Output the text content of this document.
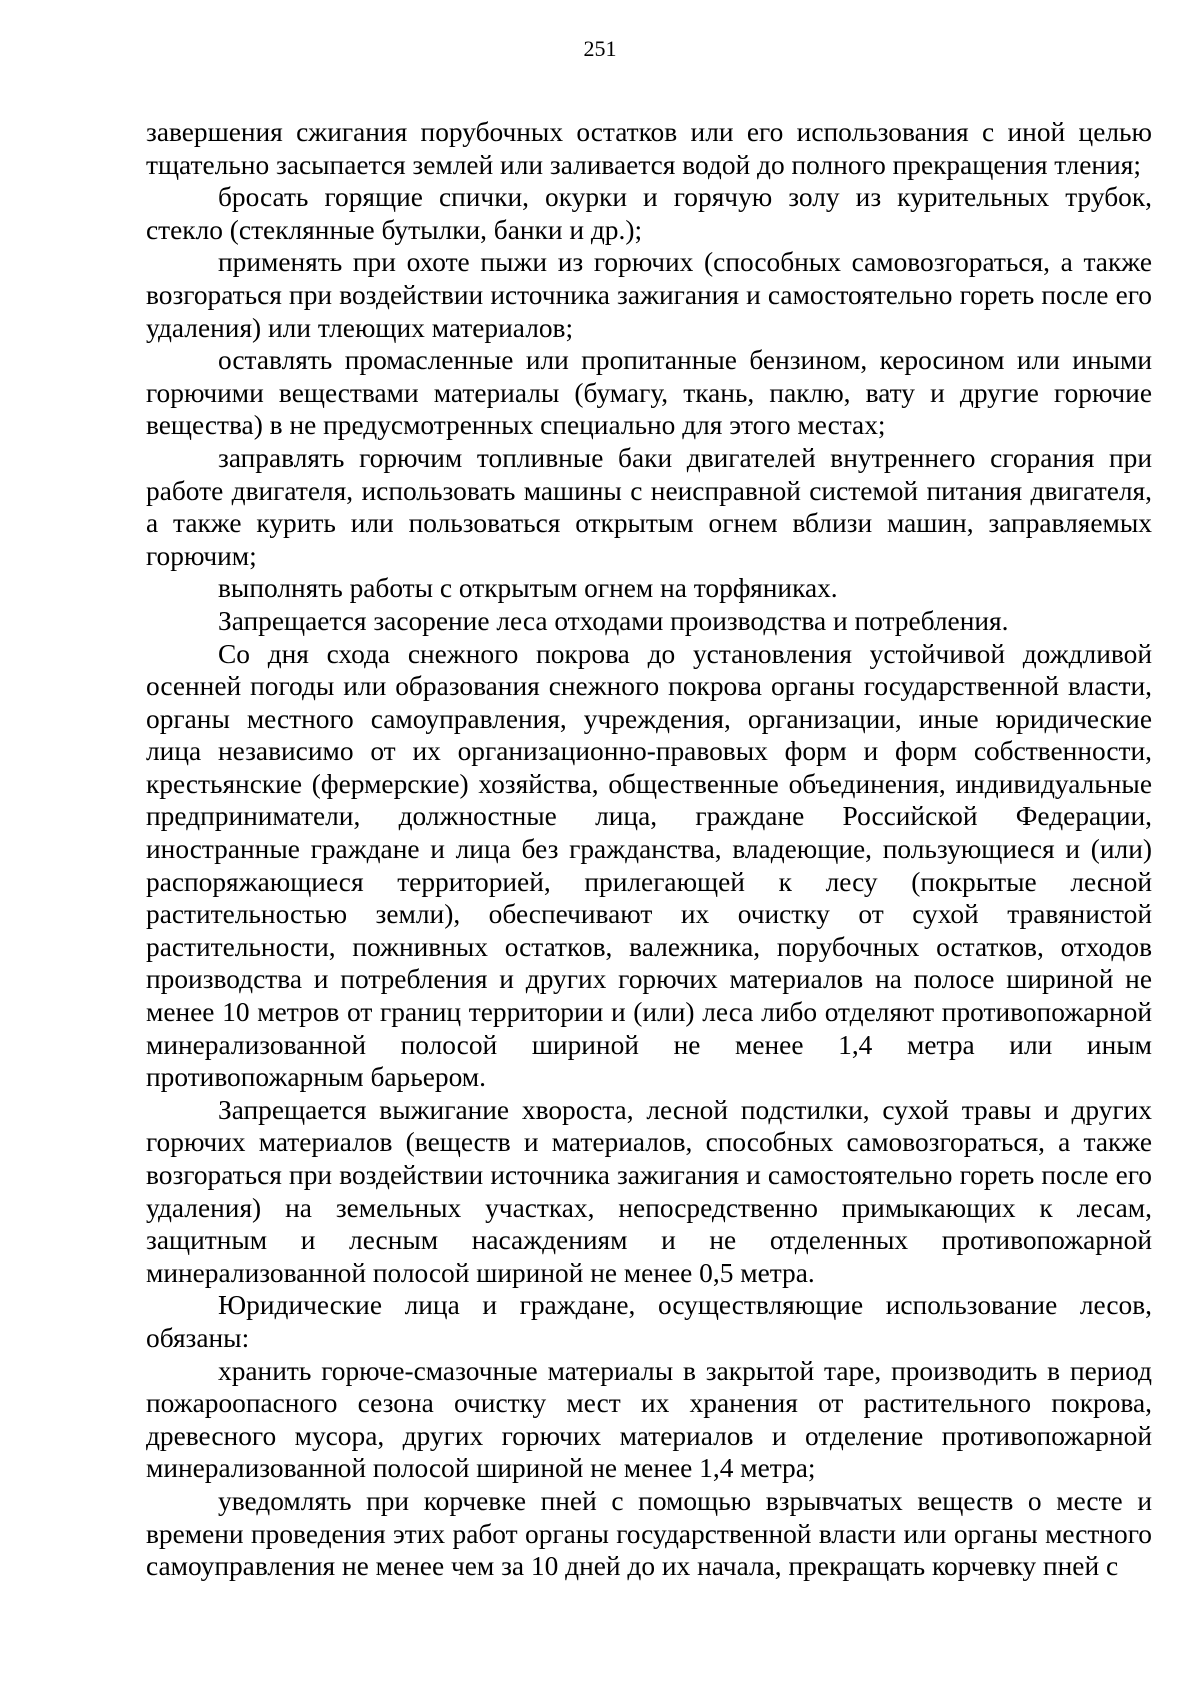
251

завершения сжигания порубочных остатков или его использования с иной целью тщательно засыпается землей или заливается водой до полного прекращения тления;

бросать горящие спички, окурки и горячую золу из курительных трубок, стекло (стеклянные бутылки, банки и др.);

применять при охоте пыжи из горючих (способных самовозгораться, а также возгораться при воздействии источника зажигания и самостоятельно гореть после его удаления) или тлеющих материалов;

оставлять промасленные или пропитанные бензином, керосином или иными горючими веществами материалы (бумагу, ткань, паклю, вату и другие горючие вещества) в не предусмотренных специально для этого местах;

заправлять горючим топливные баки двигателей внутреннего сгорания при работе двигателя, использовать машины с неисправной системой питания двигателя, а также курить или пользоваться открытым огнем вблизи машин, заправляемых горючим;

выполнять работы с открытым огнем на торфяниках.

Запрещается засорение леса отходами производства и потребления.

Со дня схода снежного покрова до установления устойчивой дождливой осенней погоды или образования снежного покрова органы государственной власти, органы местного самоуправления, учреждения, организации, иные юридические лица независимо от их организационно-правовых форм и форм собственности, крестьянские (фермерские) хозяйства, общественные объединения, индивидуальные предприниматели, должностные лица, граждане Российской Федерации, иностранные граждане и лица без гражданства, владеющие, пользующиеся и (или) распоряжающиеся территорией, прилегающей к лесу (покрытые лесной растительностью земли), обеспечивают их очистку от сухой травянистой растительности, пожнивных остатков, валежника, порубочных остатков, отходов производства и потребления и других горючих материалов на полосе шириной не менее 10 метров от границ территории и (или) леса либо отделяют противопожарной минерализованной полосой шириной не менее 1,4 метра или иным противопожарным барьером.

Запрещается выжигание хвороста, лесной подстилки, сухой травы и других горючих материалов (веществ и материалов, способных самовозгораться, а также возгораться при воздействии источника зажигания и самостоятельно гореть после его удаления) на земельных участках, непосредственно примыкающих к лесам, защитным и лесным насаждениям и не отделенных противопожарной минерализованной полосой шириной не менее 0,5 метра.

Юридические лица и граждане, осуществляющие использование лесов, обязаны:

хранить горюче-смазочные материалы в закрытой таре, производить в период пожароопасного сезона очистку мест их хранения от растительного покрова, древесного мусора, других горючих материалов и отделение противопожарной минерализованной полосой шириной не менее 1,4 метра;

уведомлять при корчевке пней с помощью взрывчатых веществ о месте и времени проведения этих работ органы государственной власти или органы местного самоуправления не менее чем за 10 дней до их начала, прекращать корчевку пней с
